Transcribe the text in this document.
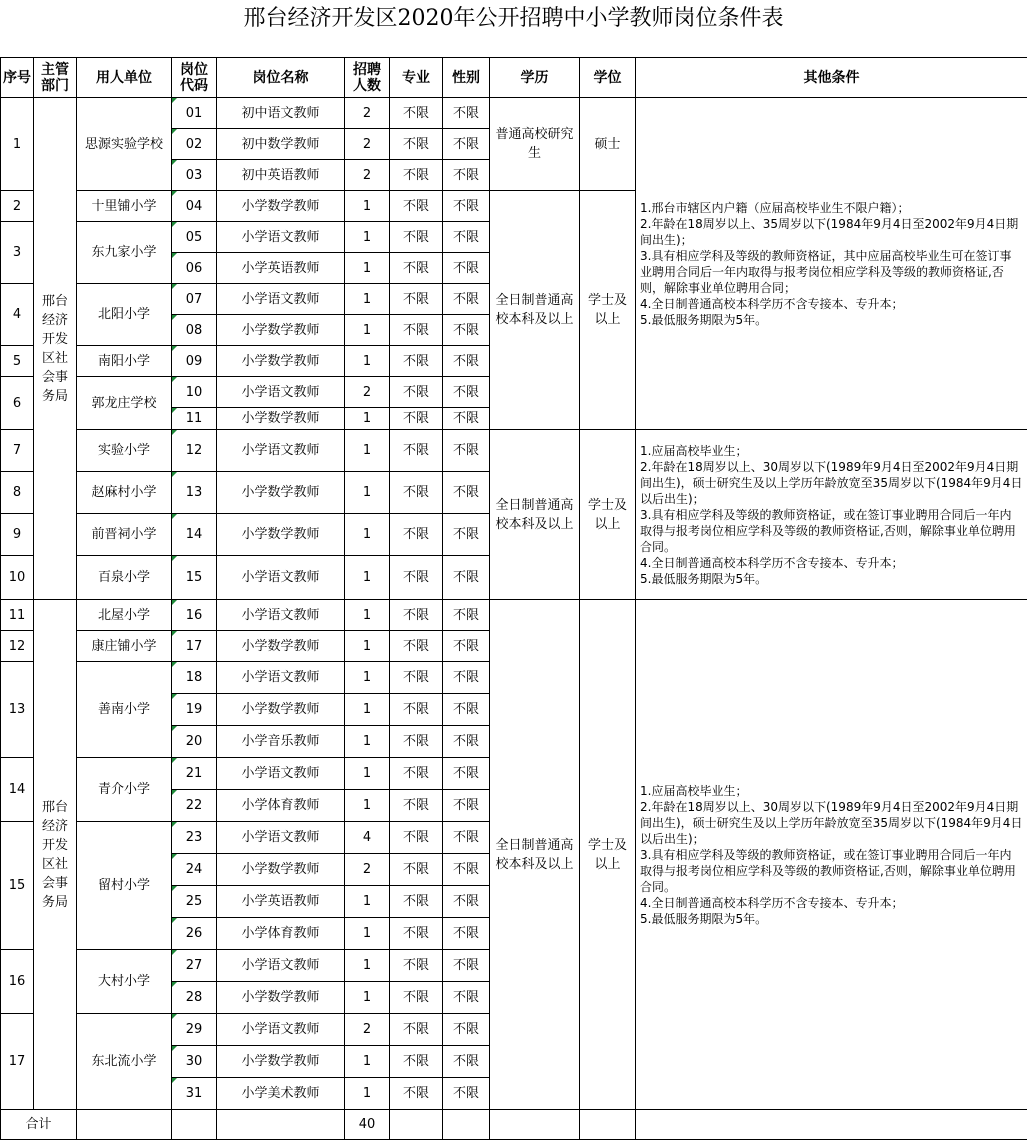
邢台经济开发区2020年公开招聘中小学教师岗位条件表
序号	主管部门	用人单位	岗位代码	岗位名称	招聘人数	专业	性别	学历	学位	其他条件
1	邢台经济开发区社会事务局	思源实验学校	01	初中语文教师	2	不限	不限	普通高校研究生	硕士	1.邢台市辖区内户籍（应届高校毕业生不限户籍）；
2.年龄在18周岁以上、35周岁以下(1984年9月4日至2002年9月4日期间出生)；
3.具有相应学科及等级的教师资格证，其中应届高校毕业生可在签订事业聘用合同后一年内取得与报考岗位相应学科及等级的教师资格证,否则，解除事业单位聘用合同；
4.全日制普通高校本科学历不含专接本、专升本；
5.最低服务期限为5年。

			02	初中数学教师	2	不限	不限			
			03	初中英语教师	2	不限	不限			
2		十里铺小学	04	小学数学教师	1	不限	不限	全日制普通高校本科及以上	学士及以上	
3		东九家小学	05	小学语文教师	1	不限	不限			
			06	小学英语教师	1	不限	不限			
4		北阳小学	07	小学语文教师	1	不限	不限			
			08	小学数学教师	1	不限	不限			
5		南阳小学	09	小学数学教师	1	不限	不限			
6		郭龙庄学校	10	小学语文教师	2	不限	不限			
			11	小学数学教师	1	不限	不限			
7		实验小学	12	小学语文教师	1	不限	不限	全日制普通高校本科及以上	学士及以上	1.应届高校毕业生；
2.年龄在18周岁以上、30周岁以下(1989年9月4日至2002年9月4日期间出生)，硕士研究生及以上学历年龄放宽至35周岁以下(1984年9月4日以后出生)；
3.具有相应学科及等级的教师资格证，或在签订事业聘用合同后一年内取得与报考岗位相应学科及等级的教师资格证,否则，解除事业单位聘用合同。
4.全日制普通高校本科学历不含专接本、专升本；
5.最低服务期限为5年。

8		赵麻村小学	13	小学数学教师	1	不限	不限			
9		前晋祠小学	14	小学数学教师	1	不限	不限			
10		百泉小学	15	小学语文教师	1	不限	不限			
11	邢台经济开发区社会事务局	北屋小学	16	小学语文教师	1	不限	不限	全日制普通高校本科及以上	学士及以上	1.应届高校毕业生；
2.年龄在18周岁以上、30周岁以下(1989年9月4日至2002年9月4日期间出生)，硕士研究生及以上学历年龄放宽至35周岁以下(1984年9月4日以后出生)；
3.具有相应学科及等级的教师资格证，或在签订事业聘用合同后一年内取得与报考岗位相应学科及等级的教师资格证,否则，解除事业单位聘用合同。
4.全日制普通高校本科学历不含专接本、专升本；
5.最低服务期限为5年。

12		康庄铺小学	17	小学数学教师	1	不限	不限			
13		善南小学	18	小学语文教师	1	不限	不限			
			19	小学数学教师	1	不限	不限			
			20	小学音乐教师	1	不限	不限			
14		青介小学	21	小学语文教师	1	不限	不限			
			22	小学体育教师	1	不限	不限			
15		留村小学	23	小学语文教师	4	不限	不限			
			24	小学数学教师	2	不限	不限			
			25	小学英语教师	1	不限	不限			
			26	小学体育教师	1	不限	不限			
16		大村小学	27	小学语文教师	1	不限	不限			
			28	小学数学教师	1	不限	不限			
17		东北流小学	29	小学语文教师	2	不限	不限			
			30	小学数学教师	1	不限	不限			
			31	小学美术教师	1	不限	不限			
合计					40					
